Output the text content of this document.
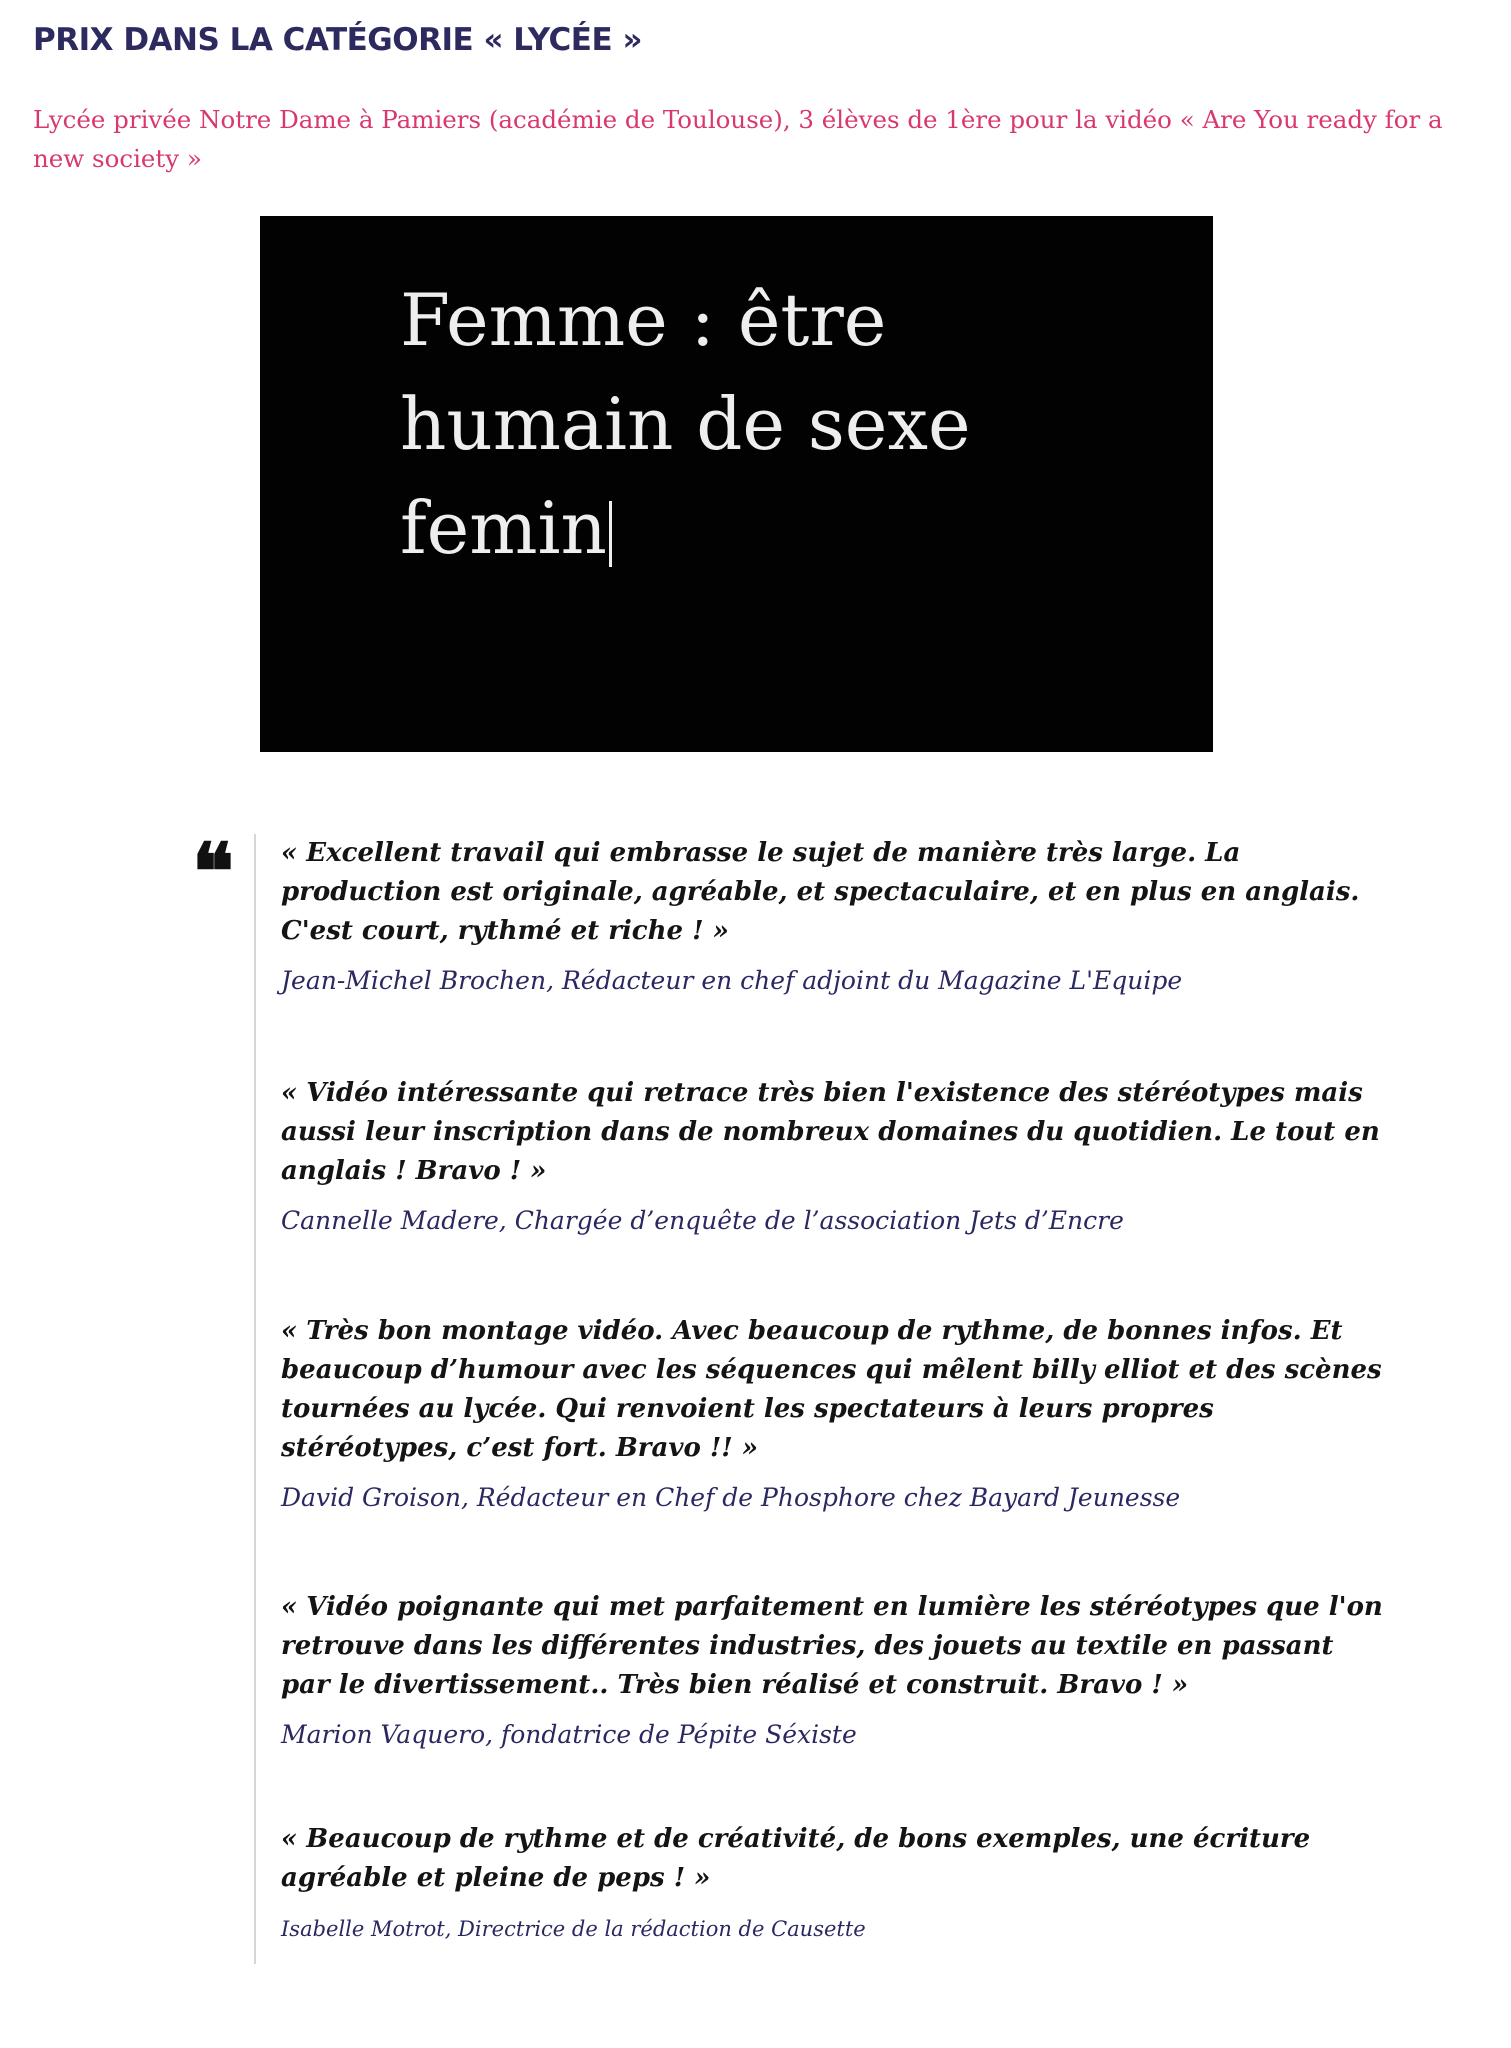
PRIX DANS LA CATÉGORIE « LYCÉE »

Lycée privée Notre Dame à Pamiers (académie de Toulouse), 3 élèves de 1ère pour la vidéo « Are You ready for a new society »

Femme : être
humain de sexe
femin

❝ « Excellent travail qui embrasse le sujet de manière très large. La production est originale, agréable, et spectaculaire, et en plus en anglais. C'est court, rythmé et riche ! »

Jean-Michel Brochen, Rédacteur en chef adjoint du Magazine L'Equipe

« Vidéo intéressante qui retrace très bien l'existence des stéréotypes mais aussi leur inscription dans de nombreux domaines du quotidien. Le tout en anglais ! Bravo ! »

Cannelle Madere, Chargée d’enquête de l’association Jets d’Encre

« Très bon montage vidéo. Avec beaucoup de rythme, de bonnes infos. Et beaucoup d’humour avec les séquences qui mêlent billy elliot et des scènes tournées au lycée. Qui renvoient les spectateurs à leurs propres stéréotypes, c’est fort. Bravo !! »

David Groison, Rédacteur en Chef de Phosphore chez Bayard Jeunesse

« Vidéo poignante qui met parfaitement en lumière les stéréotypes que l'on retrouve dans les différentes industries, des jouets au textile en passant par le divertissement.. Très bien réalisé et construit. Bravo ! »

Marion Vaquero, fondatrice de Pépite Séxiste

« Beaucoup de rythme et de créativité, de bons exemples, une écriture agréable et pleine de peps ! »

Isabelle Motrot, Directrice de la rédaction de Causette
